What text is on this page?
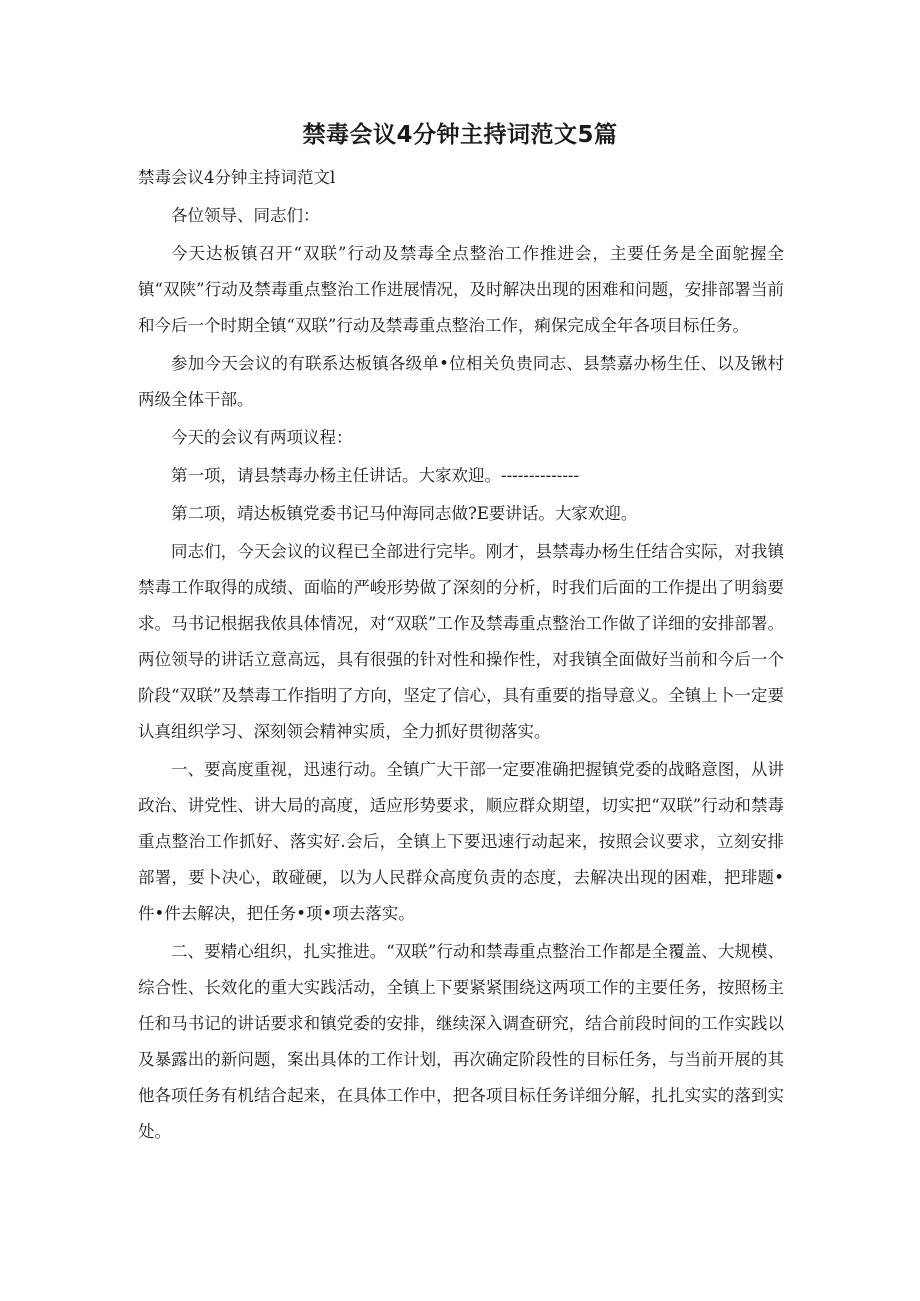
禁毒会议4分钟主持词范文5篇

禁毒会议4分钟主持词范文l

各位领导、同志们：

今天达板镇召开“双联”行动及禁毒全点整治工作推进会，主要任务是全面鸵握全镇“双陕”行动及禁毒重点整治工作进展情况，及时解决出现的困难和问题，安排部署当前和今后一个时期全镇“双联”行动及禁毒重点整治工作，痢保完成全年各项目标任务。

参加今天会议的有联系达板镇各级单•位相关负贵同志、县禁嘉办杨生任、以及锹村两级全体干部。

今天的会议有两项议程：

第一项，请县禁毒办杨主任讲话。大家欢迎。--------------

第二项，靖达板镇党委书记马仲海同志做?E要讲话。大家欢迎。

同志们，今天会议的议程已全部进行完毕。刚才，县禁毒办杨生任结合实际，对我镇禁毒工作取得的成绩、面临的严峻形势做了深刻的分析，时我们后面的工作提出了明翁要求。马书记根据我侬具体情况，对“双联”工作及禁毒重点整治工作做了详细的安排部署。两位领导的讲话立意高远，具有很强的针对性和操作性，对我镇全面做好当前和今后一个阶段“双联”及禁毒工作指明了方向，坚定了信心，具有重要的指导意义。全镇上卜一定要认真组织学习、深刻领会精神实质，全力抓好贯彻落实。

一、要高度重视，迅速行动。全镇广大干部一定要准确把握镇党委的战略意图，从讲政治、讲党性、讲大局的高度，适应形势要求，顺应群众期望，切实把“双联”行动和禁毒重点整治工作抓好、落实好.会后，全镇上下要迅速行动起来，按照会议要求，立刻安排部署，要卜决心，敢碰硬，以为人民群众高度负责的态度，去解决出现的困难，把琲题•件•件去解决，把任务•项•项去落实。

二、要精心组织，扎实推进。“双联”行动和禁毒重点整治工作都是全覆盖、大规模、综合性、长效化的重大实践活动，全镇上下要紧紧围绕这两项工作的主要任务，按照杨主任和马书记的讲话要求和镇党委的安排，继续深入调查研究，结合前段时间的工作实践以及暴露出的新问题，案出具体的工作计划，再次确定阶段性的目标任务，与当前开展的其他各项任务有机结合起来，在具体工作中，把各项目标任务详细分解，扎扎实实的落到实处。
